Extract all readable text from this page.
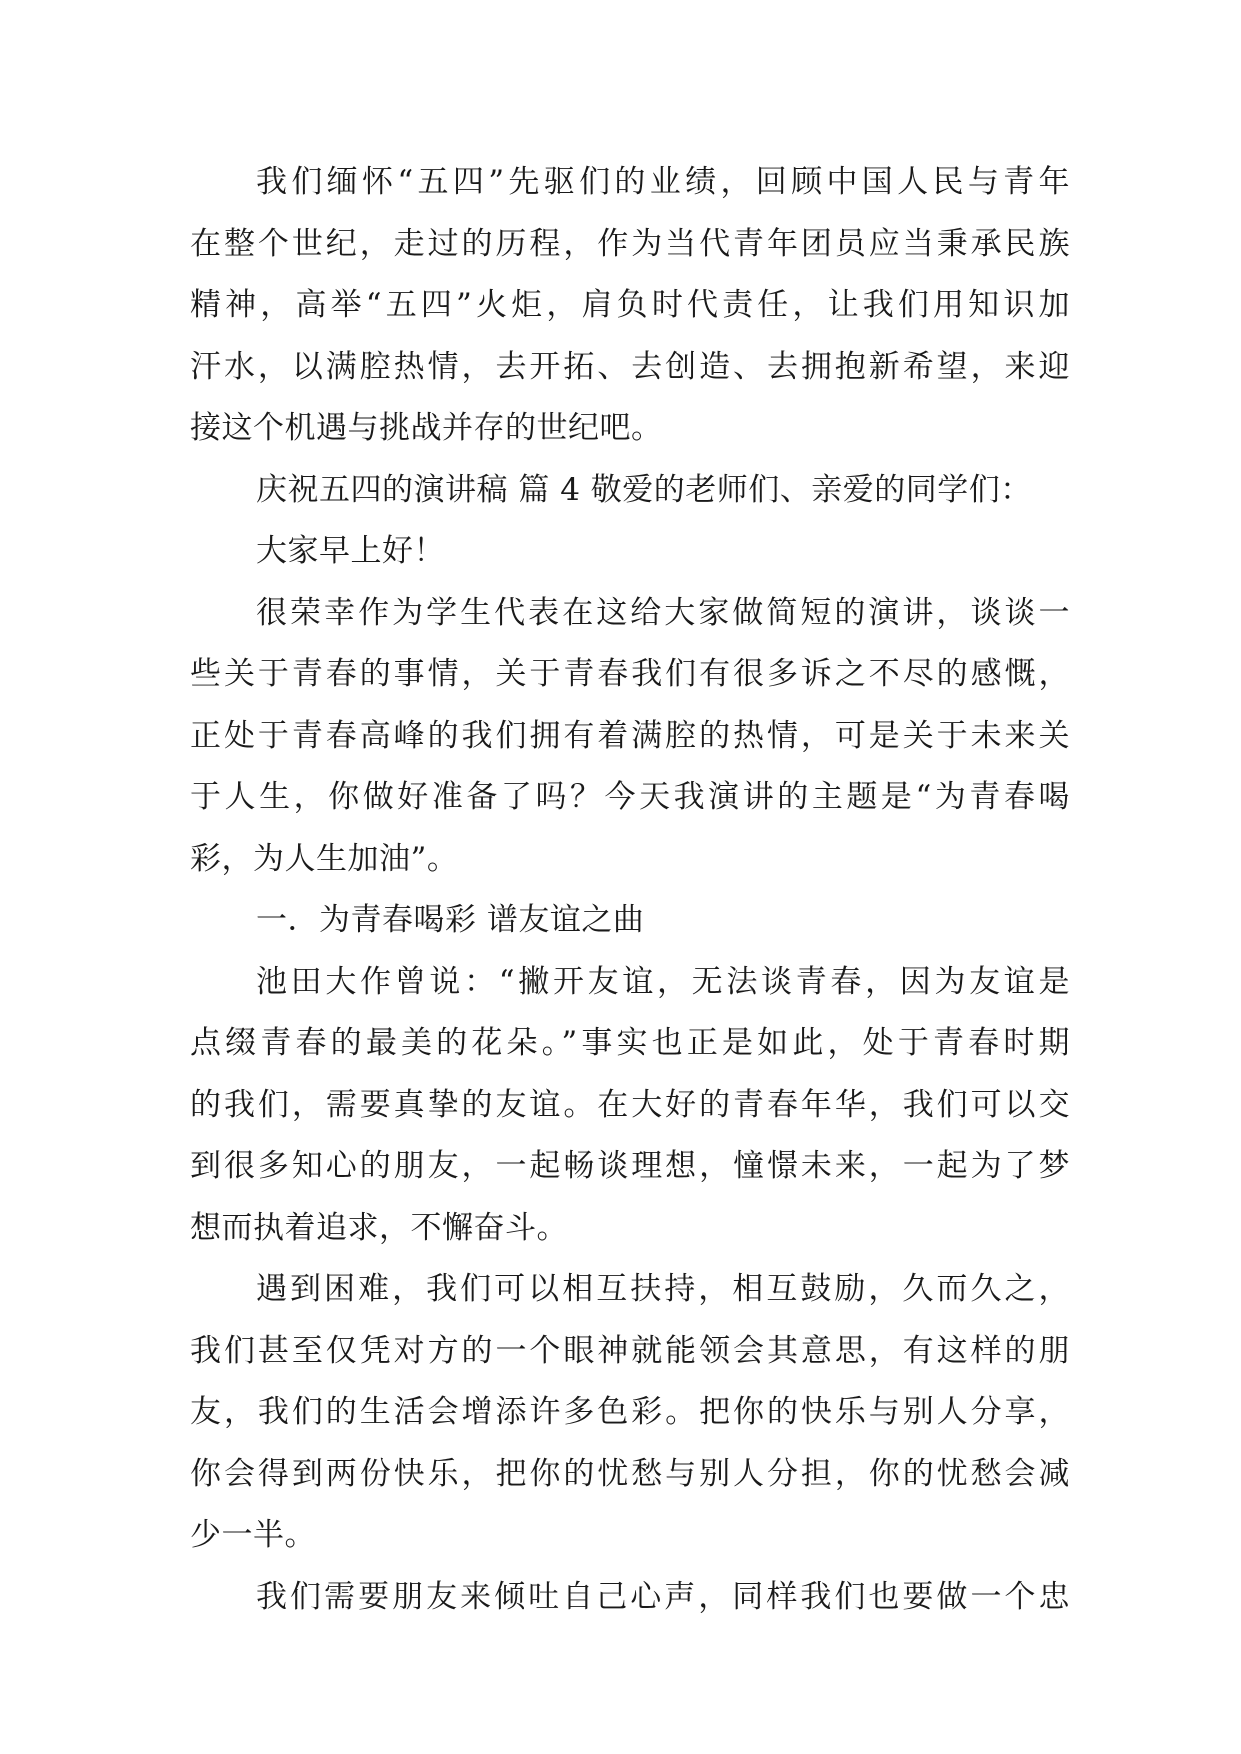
我们缅怀“五四”先驱们的业绩，回顾中国人民与青年
在整个世纪，走过的历程，作为当代青年团员应当秉承民族
精神，高举“五四”火炬，肩负时代责任，让我们用知识加
汗水，以满腔热情，去开拓、去创造、去拥抱新希望，来迎
接这个机遇与挑战并存的世纪吧。
庆祝五四的演讲稿 篇 4 敬爱的老师们、亲爱的同学们：
大家早上好！
很荣幸作为学生代表在这给大家做简短的演讲，谈谈一
些关于青春的事情，关于青春我们有很多诉之不尽的感慨，
正处于青春高峰的我们拥有着满腔的热情，可是关于未来关
于人生，你做好准备了吗？今天我演讲的主题是“为青春喝
彩，为人生加油”。
一．为青春喝彩 谱友谊之曲
池田大作曾说：“撇开友谊，无法谈青春，因为友谊是
点缀青春的最美的花朵。”事实也正是如此，处于青春时期
的我们，需要真挚的友谊。在大好的青春年华，我们可以交
到很多知心的朋友，一起畅谈理想，憧憬未来，一起为了梦
想而执着追求，不懈奋斗。
遇到困难，我们可以相互扶持，相互鼓励，久而久之，
我们甚至仅凭对方的一个眼神就能领会其意思，有这样的朋
友，我们的生活会增添许多色彩。把你的快乐与别人分享，
你会得到两份快乐，把你的忧愁与别人分担，你的忧愁会减
少一半。
我们需要朋友来倾吐自己心声，同样我们也要做一个忠
